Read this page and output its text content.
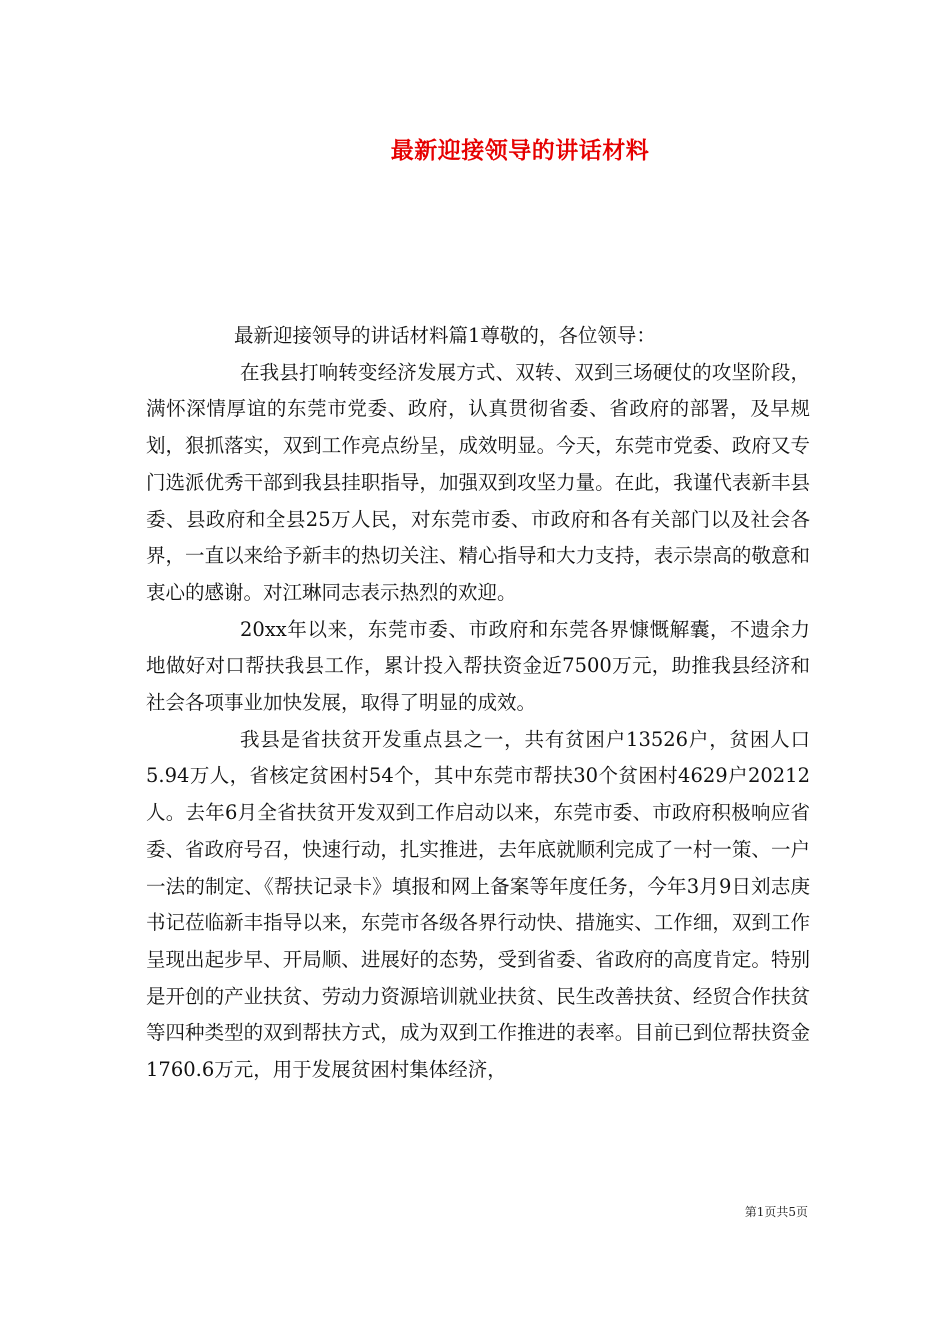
最新迎接领导的讲话材料

最新迎接领导的讲话材料篇1尊敬的，各位领导：

在我县打响转变经济发展方式、双转、双到三场硬仗的攻坚阶段，满怀深情厚谊的东莞市党委、政府，认真贯彻省委、省政府的部署，及早规划，狠抓落实，双到工作亮点纷呈，成效明显。今天，东莞市党委、政府又专门选派优秀干部到我县挂职指导，加强双到攻坚力量。在此，我谨代表新丰县委、县政府和全县25万人民，对东莞市委、市政府和各有关部门以及社会各界，一直以来给予新丰的热切关注、精心指导和大力支持，表示崇高的敬意和衷心的感谢。对江琳同志表示热烈的欢迎。

20xx年以来，东莞市委、市政府和东莞各界慷慨解囊，不遗余力地做好对口帮扶我县工作，累计投入帮扶资金近7500万元，助推我县经济和社会各项事业加快发展，取得了明显的成效。

我县是省扶贫开发重点县之一，共有贫困户13526户，贫困人口5.94万人，省核定贫困村54个，其中东莞市帮扶30个贫困村4629户20212人。去年6月全省扶贫开发双到工作启动以来，东莞市委、市政府积极响应省委、省政府号召，快速行动，扎实推进，去年底就顺利完成了一村一策、一户一法的制定、《帮扶记录卡》填报和网上备案等年度任务，今年3月9日刘志庚书记莅临新丰指导以来，东莞市各级各界行动快、措施实、工作细，双到工作呈现出起步早、开局顺、进展好的态势，受到省委、省政府的高度肯定。特别是开创的产业扶贫、劳动力资源培训就业扶贫、民生改善扶贫、经贸合作扶贫等四种类型的双到帮扶方式，成为双到工作推进的表率。目前已到位帮扶资金1760.6万元，用于发展贫困村集体经济，

第1页共5页
